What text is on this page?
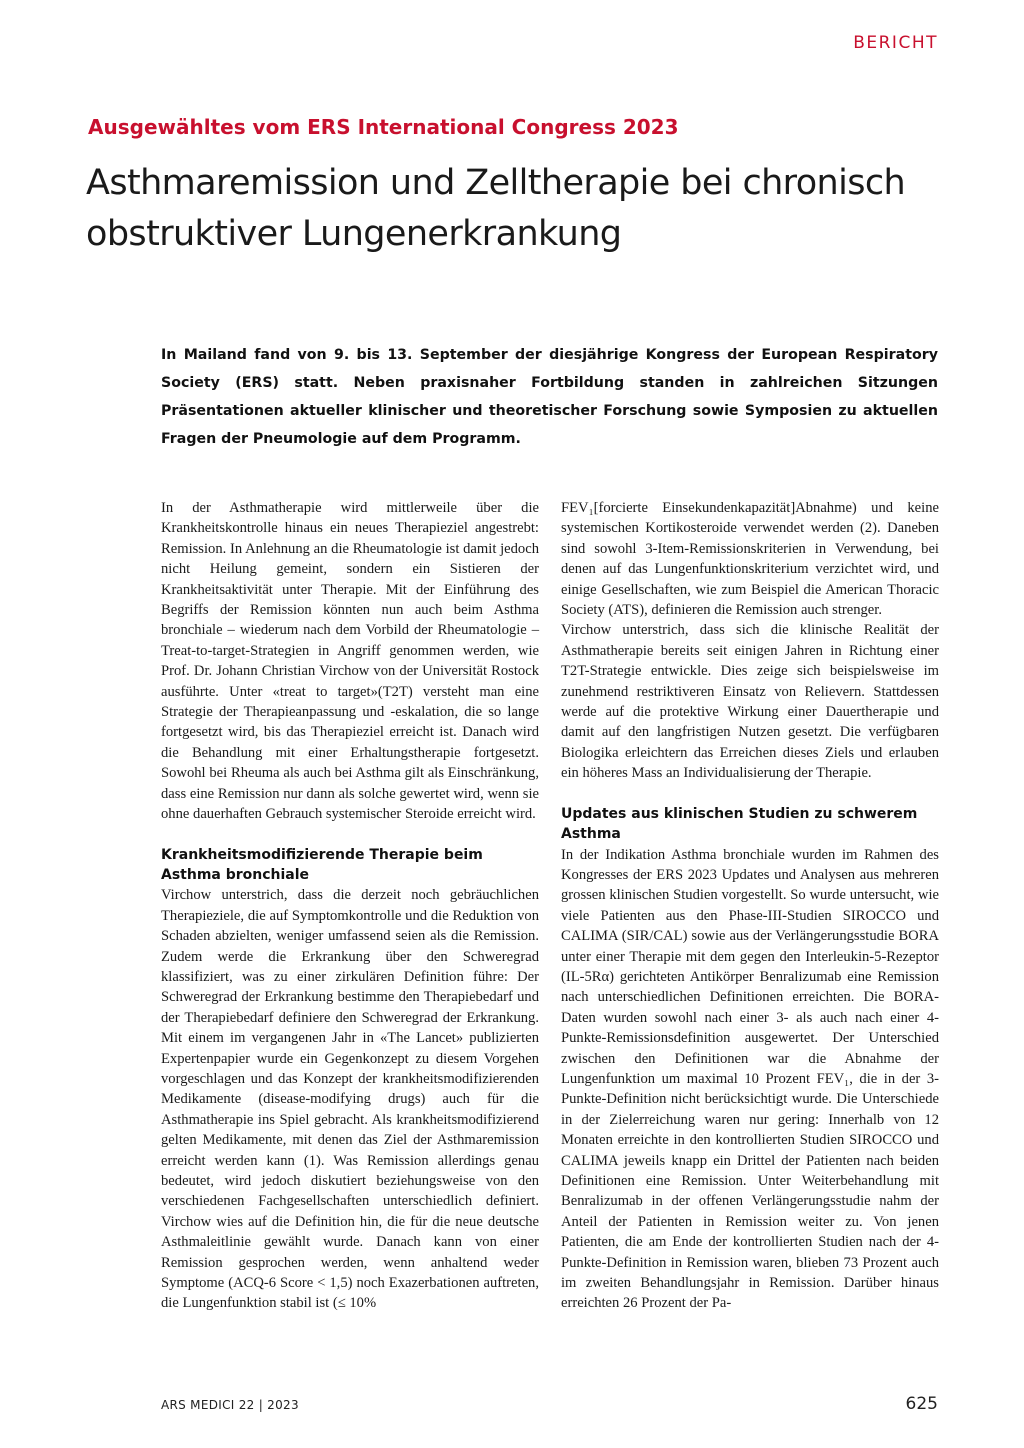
BERICHT
Ausgewähltes vom ERS International Congress 2023
Asthmaremission und Zelltherapie bei chronisch obstruktiver Lungenerkrankung

In Mailand fand von 9. bis 13. September der diesjährige Kongress der European Respiratory Society (ERS) statt. Neben praxisnaher Fortbildung standen in zahlreichen Sitzungen Präsentationen aktueller klinischer und theoretischer Forschung sowie Symposien zu aktuellen Fragen der Pneumologie auf dem Programm.

In der Asthmatherapie wird mittlerweile über die Krankheitskontrolle hinaus ein neues Therapieziel angestrebt: Remission. In Anlehnung an die Rheumatologie ist damit jedoch nicht Heilung gemeint, sondern ein Sistieren der Krankheitsaktivität unter Therapie. Mit der Einführung des Begriffs der Remission könnten nun auch beim Asthma bronchiale – wiederum nach dem Vorbild der Rheumatologie – Treat-to-target-Strategien in Angriff genommen werden, wie Prof. Dr. Johann Christian Virchow von der Universität Rostock ausführte. Unter «treat to target»(T2T) versteht man eine Strategie der Therapieanpassung und -eskalation, die so lange fortgesetzt wird, bis das Therapieziel erreicht ist. Danach wird die Behandlung mit einer Erhaltungstherapie fortgesetzt. Sowohl bei Rheuma als auch bei Asthma gilt als Einschränkung, dass eine Remission nur dann als solche gewertet wird, wenn sie ohne dauerhaften Gebrauch systemischer Steroide erreicht wird.

Krankheitsmodifizierende Therapie beim Asthma bronchiale

Virchow unterstrich, dass die derzeit noch gebräuchlichen Therapieziele, die auf Symptomkontrolle und die Reduktion von Schaden abzielten, weniger umfassend seien als die Remission. Zudem werde die Erkrankung über den Schweregrad klassifiziert, was zu einer zirkulären Definition führe: Der Schweregrad der Erkrankung bestimme den Therapiebedarf und der Therapiebedarf definiere den Schweregrad der Erkrankung. Mit einem im vergangenen Jahr in «The Lancet» publizierten Expertenpapier wurde ein Gegenkonzept zu diesem Vorgehen vorgeschlagen und das Konzept der krankheitsmodifizierenden Medikamente (disease-modifying drugs) auch für die Asthmatherapie ins Spiel gebracht. Als krankheitsmodifizierend gelten Medikamente, mit denen das Ziel der Asthmaremission erreicht werden kann (1). Was Remission allerdings genau bedeutet, wird jedoch diskutiert beziehungsweise von den verschiedenen Fachgesellschaften unterschiedlich definiert. Virchow wies auf die Definition hin, die für die neue deutsche Asthmaleitlinie gewählt wurde. Danach kann von einer Remission gesprochen werden, wenn anhaltend weder Symptome (ACQ-6 Score < 1,5) noch Exazerbationen auftreten, die Lungenfunktion stabil ist (≤ 10%

FEV₁[forcierte Einsekundenkapazität]Abnahme) und keine systemischen Kortikosteroide verwendet werden (2). Daneben sind sowohl 3-Item-Remissionskriterien in Verwendung, bei denen auf das Lungenfunktionskriterium verzichtet wird, und einige Gesellschaften, wie zum Beispiel die American Thoracic Society (ATS), definieren die Remission auch strenger.

Virchow unterstrich, dass sich die klinische Realität der Asthmatherapie bereits seit einigen Jahren in Richtung einer T2T-Strategie entwickle. Dies zeige sich beispielsweise im zunehmend restriktiveren Einsatz von Relievern. Stattdessen werde auf die protektive Wirkung einer Dauertherapie und damit auf den langfristigen Nutzen gesetzt. Die verfügbaren Biologika erleichtern das Erreichen dieses Ziels und erlauben ein höheres Mass an Individualisierung der Therapie.

Updates aus klinischen Studien zu schwerem Asthma

In der Indikation Asthma bronchiale wurden im Rahmen des Kongresses der ERS 2023 Updates und Analysen aus mehreren grossen klinischen Studien vorgestellt. So wurde untersucht, wie viele Patienten aus den Phase-III-Studien SIROCCO und CALIMA (SIR/CAL) sowie aus der Verlängerungsstudie BORA unter einer Therapie mit dem gegen den Interleukin-5-Rezeptor (IL-5Rα) gerichteten Antikörper Benralizumab eine Remission nach unterschiedlichen Definitionen erreichten. Die BORA-Daten wurden sowohl nach einer 3- als auch nach einer 4-Punkte-Remissionsdefinition ausgewertet. Der Unterschied zwischen den Definitionen war die Abnahme der Lungenfunktion um maximal 10 Prozent FEV₁, die in der 3-Punkte-Definition nicht berücksichtigt wurde. Die Unterschiede in der Zielerreichung waren nur gering: Innerhalb von 12 Monaten erreichte in den kontrollierten Studien SIROCCO und CALIMA jeweils knapp ein Drittel der Patienten nach beiden Definitionen eine Remission. Unter Weiterbehandlung mit Benralizumab in der offenen Verlängerungsstudie nahm der Anteil der Patienten in Remission weiter zu. Von jenen Patienten, die am Ende der kontrollierten Studien nach der 4-Punkte-Definition in Remission waren, blieben 73 Prozent auch im zweiten Behandlungsjahr in Remission. Darüber hinaus erreichten 26 Prozent der Pa-

ARS MEDICI 22 | 2023	625
